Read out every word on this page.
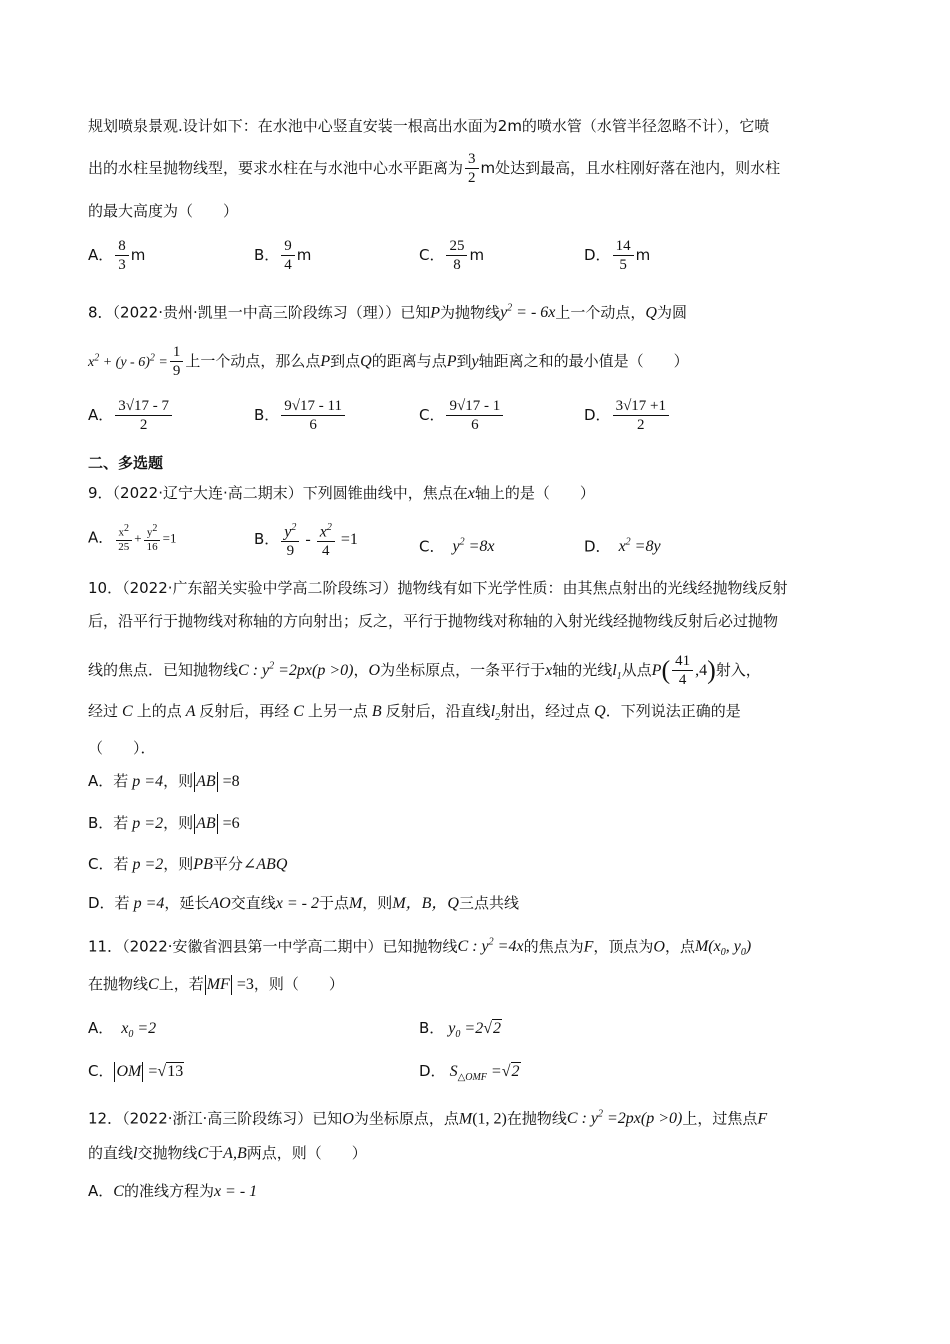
规划喷泉景观.设计如下：在水池中心竖直安装一根高出水面为2m的喷水管（水管半径忽略不计），它喷
出的水柱呈抛物线型，要求水柱在与水池中心水平距离为 $\frac{3}{2}$ m处达到最高，且水柱刚好落在池内，则水柱
的最大高度为（　　）
A． $\frac{8}{3}$ m	B． $\frac{9}{4}$ m	C． $\frac{25}{8}$ m	D． $\frac{14}{5}$ m
8．（2022·贵州·凯里一中高三阶段练习（理））已知P为抛物线$y^2$ = - 6x上一个动点，Q为圆
$x^2 + (y - 6)^2 = \frac{1}{9}$ 上一个动点，那么点P到点Q的距离与点P到y轴距离之和的最小值是（　　）
A． $\frac{3√17 - 7}{2}$	B． $\frac{9√17 - 11}{6}$	C． $\frac{9√17 - 1}{6}$	D． $\frac{3√17 +1}{2}$
二、多选题
9．（2022·辽宁大连·高二期末）下列圆锥曲线中，焦点在x轴上的是（　　）
A． $\frac{x2}{25} + \frac{y2}{16} =1$	B． $\frac{y^2}{9} - \frac{x^2}{4} =1$	C．  $y^2 =8x$	D．  $x^2 =8y$
10．（2022·广东韶关实验中学高二阶段练习）抛物线有如下光学性质：由其焦点射出的光线经抛物线反射
后，沿平行于抛物线对称轴的方向射出；反之，平行于抛物线对称轴的入射光线经抛物线反射后必过抛物
线的焦点．已知抛物线C : $y^2 =2px(p >0)$，O为坐标原点，一条平行于x轴的光线$l_1$从点$P( \frac{41}{4} ,4)$射入，
经过 C 上的点 A 反射后，再经 C 上另一点 B 反射后，沿直线$l_2$射出，经过点 Q．下列说法正确的是
（　　）．
A．若 p =4，则 AB =8
B．若 p =2，则 AB =6
C．若 p =2，则PB平分∠ABQ
D．若 p =4，延长AO交直线x = - 2于点M，则M，B，Q三点共线
11．（2022·安徽省泗县第一中学高二期中）已知抛物线C : $y^2 =4x$的焦点为F，顶点为O，点$M(x_0$, $y_0$)
在抛物线C上，若 MF =3，则（　　）
A．  $x_0 =2$	B． $y_0 =2√2$
C． OM =√13	D． $S_{\triangle OMF} =√2$
12．（2022·浙江·高三阶段练习）已知O为坐标原点，点M(1, 2)在抛物线C : $y^2 =2px(p >0)$上，过焦点F
的直线l交抛物线C于A,B两点，则（　　）
A．C的准线方程为x = - 1
